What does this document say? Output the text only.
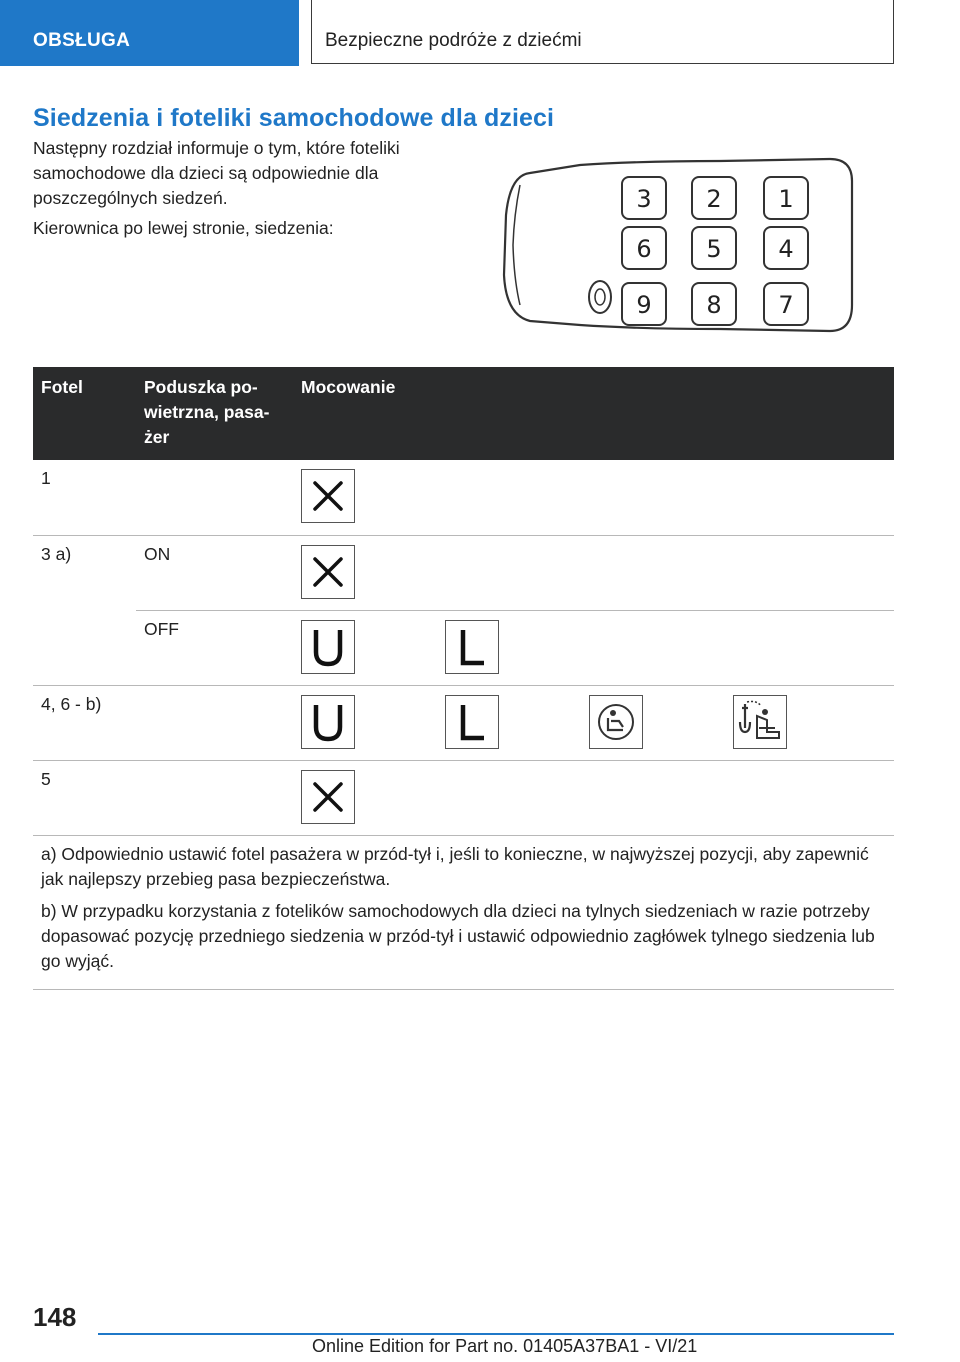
OBSŁUGA	Bezpieczne podróże z dziećmi
Siedzenia i foteliki samochodowe dla dzieci

Następny rozdział informuje o tym, które foteliki samochodowe dla dzieci są odpowiednie dla poszczególnych siedzeń.

Kierownica po lewej stronie, siedzenia:

3
6
9
2
5
8
1
4
7
Fotel	Poduszka po-
wietrzna, pasa-
żer	Mocowanie
1		

3 a)	ON	

	OFF	

4, 6 - b)		

5		

a) Odpowiednio ustawić fotel pasażera w przód-tył i, jeśli to konieczne, w najwyższej pozycji, aby zapewnić jak najlepszy przebieg pasa bezpieczeństwa.

b) W przypadku korzystania z fotelików samochodowych dla dzieci na tylnych siedzeniach w razie potrzeby dopasować pozycję przedniego siedzenia w przód-tył i ustawić odpowiednio zagłówek tylnego siedzenia lub go wyjąć.

148
Online Edition for Part no. 01405A37BA1 - VI/21
